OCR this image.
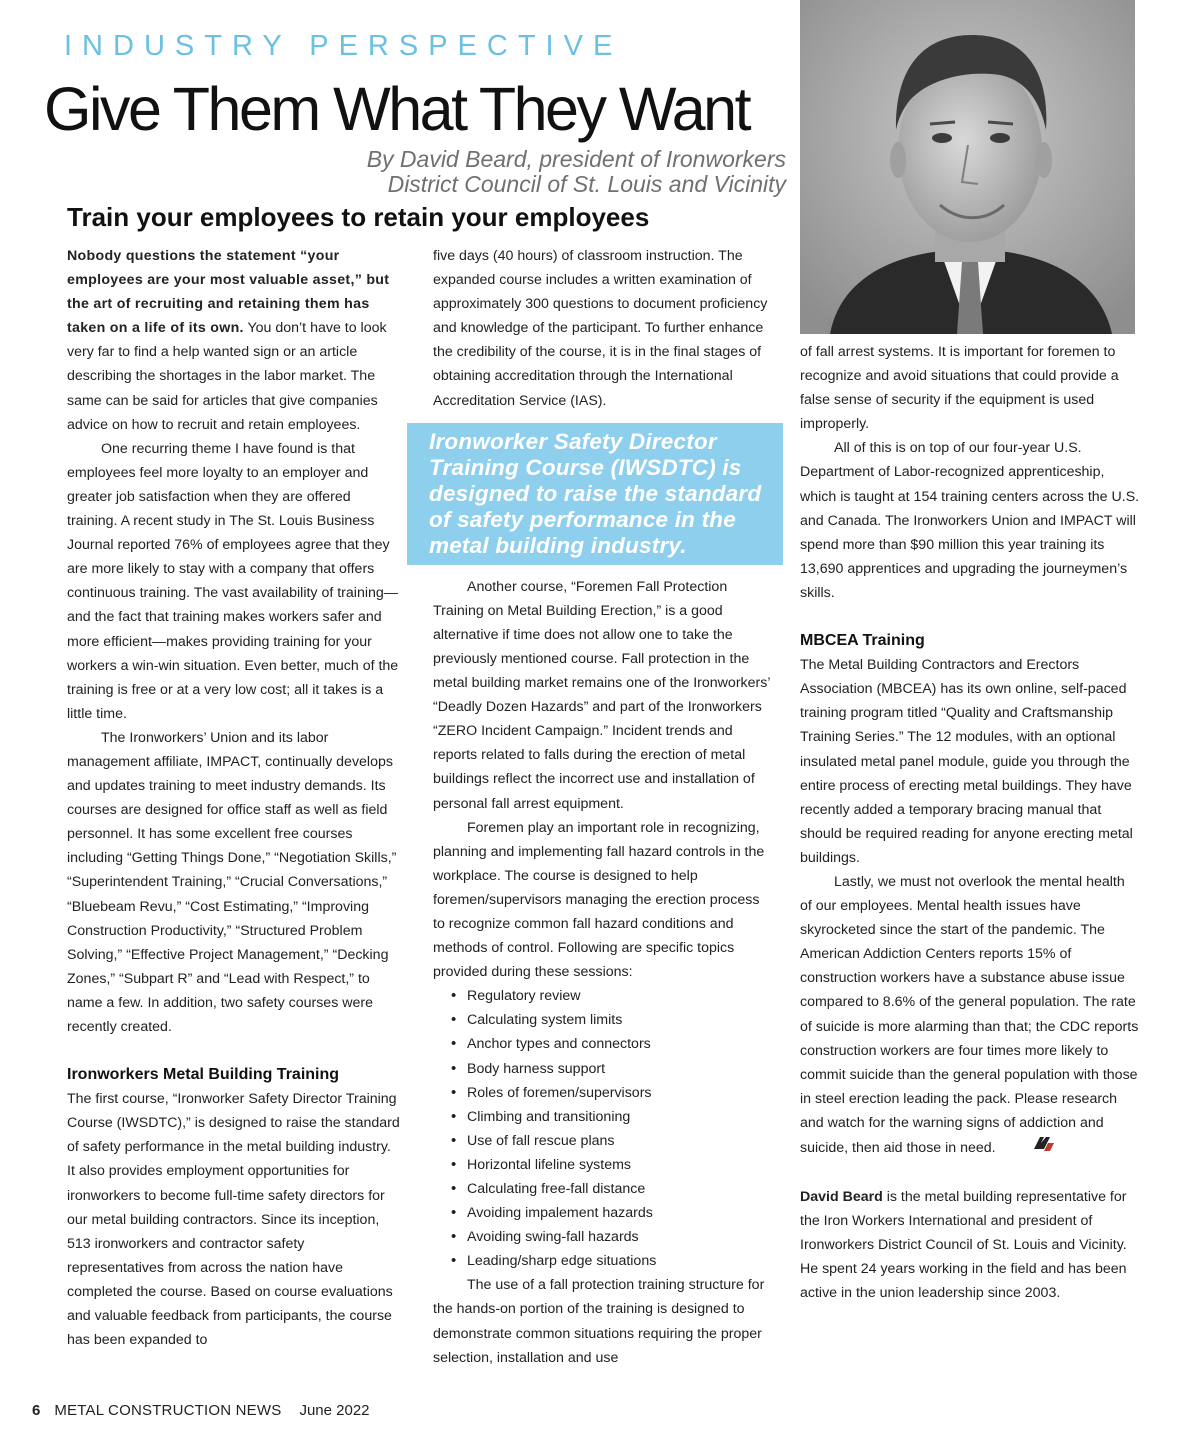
INDUSTRY PERSPECTIVE
Give Them What They Want
By David Beard, president of Ironworkers
District Council of St. Louis and Vicinity
Train your employees to retain your employees

Nobody questions the statement “your employees are your most valuable asset,” but the art of recruiting and retaining them has taken on a life of its own. You don’t have to look very far to find a help wanted sign or an article describing the shortages in the labor market. The same can be said for articles that give companies advice on how to recruit and retain employees.

One recurring theme I have found is that employees feel more loyalty to an employer and greater job satisfaction when they are offered training. A recent study in The St. Louis Business Journal reported 76% of employees agree that they are more likely to stay with a company that offers continuous training. The vast availability of training—and the fact that training makes workers safer and more efficient—makes providing training for your workers a win-win situation. Even better, much of the training is free or at a very low cost; all it takes is a little time.

The Ironworkers’ Union and its labor management affiliate, IMPACT, continually develops and updates training to meet industry demands. Its courses are designed for office staff as well as field personnel. It has some excellent free courses including “Getting Things Done,” “Negotiation Skills,” “Superintendent Training,” “Crucial Conversations,” “Bluebeam Revu,” “Cost Estimating,” “Improving Construction Productivity,” “Structured Problem Solving,” “Effective Project Management,” “Decking Zones,” “Subpart R” and “Lead with Respect,” to name a few. In addition, two safety courses were recently created.

Ironworkers Metal Building Training

The first course, “Ironworker Safety Director Training Course (IWSDTC),” is designed to raise the standard of safety performance in the metal building industry. It also provides employment opportunities for ironworkers to become full-time safety directors for our metal building contractors. Since its inception, 513 ironworkers and contractor safety representatives from across the nation have completed the course. Based on course evaluations and valuable feedback from participants, the course has been expanded to

five days (40 hours) of classroom instruction. The expanded course includes a written examination of approximately 300 questions to document proficiency and knowledge of the participant. To further enhance the credibility of the course, it is in the final stages of obtaining accreditation through the International Accreditation Service (IAS).

Ironworker Safety Director Training Course (IWSDTC) is designed to raise the standard of safety performance in the metal building industry.

Another course, “Foremen Fall Protection Training on Metal Building Erection,” is a good alternative if time does not allow one to take the previously mentioned course. Fall protection in the metal building market remains one of the Ironworkers’ “Deadly Dozen Hazards” and part of the Ironworkers “ZERO Incident Campaign.” Incident trends and reports related to falls during the erection of metal buildings reflect the incorrect use and installation of personal fall arrest equipment.

Foremen play an important role in recognizing, planning and implementing fall hazard controls in the workplace. The course is designed to help foremen/supervisors managing the erection process to recognize common fall hazard conditions and methods of control. Following are specific topics provided during these sessions:

• Regulatory review
• Calculating system limits
• Anchor types and connectors
• Body harness support
• Roles of foremen/supervisors
• Climbing and transitioning
• Use of fall rescue plans
• Horizontal lifeline systems
• Calculating free-fall distance
• Avoiding impalement hazards
• Avoiding swing-fall hazards
• Leading/sharp edge situations

The use of a fall protection training structure for the hands-on portion of the training is designed to demonstrate common situations requiring the proper selection, installation and use

of fall arrest systems. It is important for foremen to recognize and avoid situations that could provide a false sense of security if the equipment is used improperly.

All of this is on top of our four-year U.S. Department of Labor-recognized apprenticeship, which is taught at 154 training centers across the U.S. and Canada. The Ironworkers Union and IMPACT will spend more than $90 million this year training its 13,690 apprentices and upgrading the journeymen’s skills.

MBCEA Training

The Metal Building Contractors and Erectors Association (MBCEA) has its own online, self-paced training program titled “Quality and Craftsmanship Training Series.” The 12 modules, with an optional insulated metal panel module, guide you through the entire process of erecting metal buildings. They have recently added a temporary bracing manual that should be required reading for anyone erecting metal buildings.

Lastly, we must not overlook the mental health of our employees. Mental health issues have skyrocketed since the start of the pandemic. The American Addiction Centers reports 15% of construction workers have a substance abuse issue compared to 8.6% of the general population. The rate of suicide is more alarming than that; the CDC reports construction workers are four times more likely to commit suicide than the general population with those in steel erection leading the pack. Please research and watch for the warning signs of addiction and suicide, then aid those in need.

David Beard is the metal building representative for the Iron Workers International and president of Ironworkers District Council of St. Louis and Vicinity. He spent 24 years working in the field and has been active in the union leadership since 2003.

6 METAL CONSTRUCTION NEWS June 2022
